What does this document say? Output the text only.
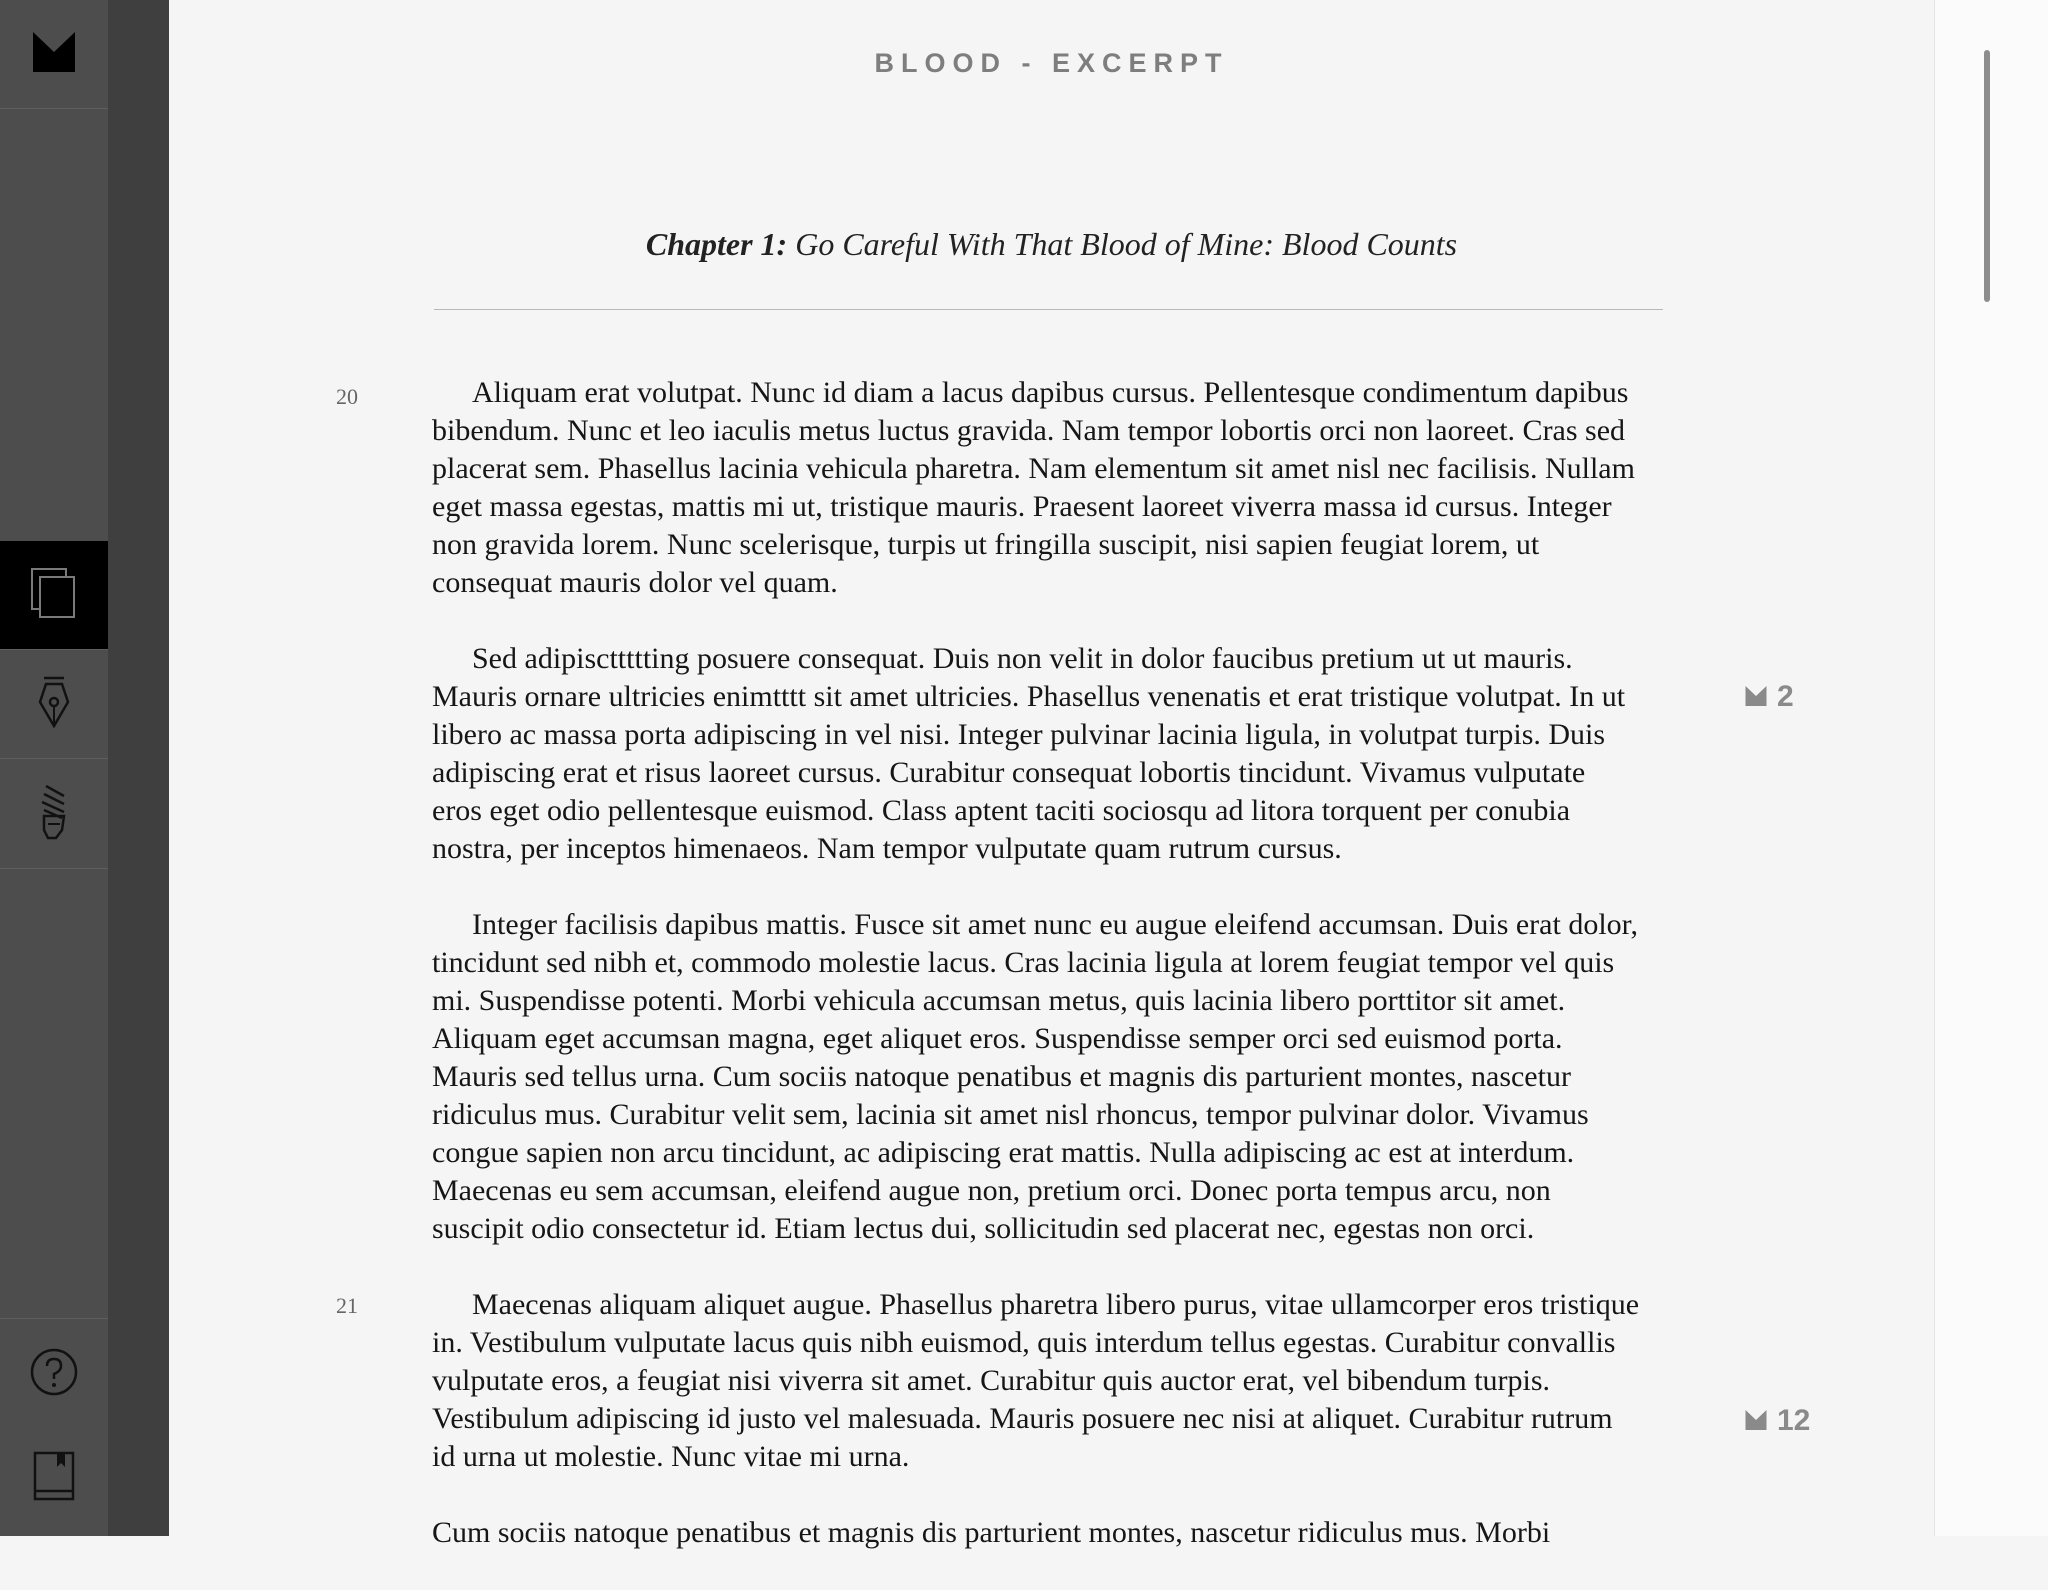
BLOOD - EXCERPT
Chapter 1: Go Careful With That Blood of Mine: Blood Counts
20
21
2
12

Aliquam erat volutpat. Nunc id diam a lacus dapibus cursus. Pellentesque condimentum dapibus
bibendum. Nunc et leo iaculis metus luctus gravida. Nam tempor lobortis orci non laoreet. Cras sed
placerat sem. Phasellus lacinia vehicula pharetra. Nam elementum sit amet nisl nec facilisis. Nullam
eget massa egestas, mattis mi ut, tristique mauris. Praesent laoreet viverra massa id cursus. Integer
non gravida lorem. Nunc scelerisque, turpis ut fringilla suscipit, nisi sapien feugiat lorem, ut
consequat mauris dolor vel quam.

Sed adipiscttttting posuere consequat. Duis non velit in dolor faucibus pretium ut ut mauris.
Mauris ornare ultricies enimtttt sit amet ultricies. Phasellus venenatis et erat tristique volutpat. In ut
libero ac massa porta adipiscing in vel nisi. Integer pulvinar lacinia ligula, in volutpat turpis. Duis
adipiscing erat et risus laoreet cursus. Curabitur consequat lobortis tincidunt. Vivamus vulputate
eros eget odio pellentesque euismod. Class aptent taciti sociosqu ad litora torquent per conubia
nostra, per inceptos himenaeos. Nam tempor vulputate quam rutrum cursus.

Integer facilisis dapibus mattis. Fusce sit amet nunc eu augue eleifend accumsan. Duis erat dolor,
tincidunt sed nibh et, commodo molestie lacus. Cras lacinia ligula at lorem feugiat tempor vel quis
mi. Suspendisse potenti. Morbi vehicula accumsan metus, quis lacinia libero porttitor sit amet.
Aliquam eget accumsan magna, eget aliquet eros. Suspendisse semper orci sed euismod porta.
Mauris sed tellus urna. Cum sociis natoque penatibus et magnis dis parturient montes, nascetur
ridiculus mus. Curabitur velit sem, lacinia sit amet nisl rhoncus, tempor pulvinar dolor. Vivamus
congue sapien non arcu tincidunt, ac adipiscing erat mattis. Nulla adipiscing ac est at interdum.
Maecenas eu sem accumsan, eleifend augue non, pretium orci. Donec porta tempus arcu, non
suscipit odio consectetur id. Etiam lectus dui, sollicitudin sed placerat nec, egestas non orci.

Maecenas aliquam aliquet augue. Phasellus pharetra libero purus, vitae ullamcorper eros tristique
in. Vestibulum vulputate lacus quis nibh euismod, quis interdum tellus egestas. Curabitur convallis
vulputate eros, a feugiat nisi viverra sit amet. Curabitur quis auctor erat, vel bibendum turpis.
Vestibulum adipiscing id justo vel malesuada. Mauris posuere nec nisi at aliquet. Curabitur rutrum
id urna ut molestie. Nunc vitae mi urna.

Cum sociis natoque penatibus et magnis dis parturient montes, nascetur ridiculus mus. Morbi
